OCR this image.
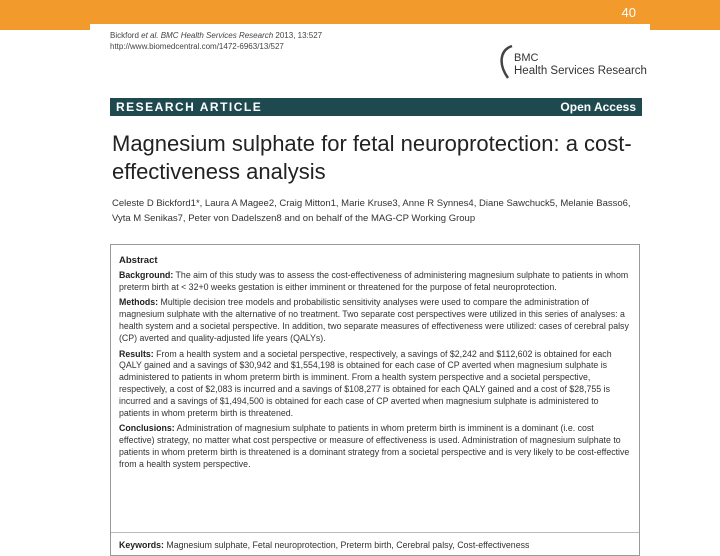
40
Bickford et al. BMC Health Services Research 2013, 13:527
http://www.biomedcentral.com/1472-6963/13/527
BMC
Health Services Research
RESEARCH ARTICLE	Open Access
Magnesium sulphate for fetal neuroprotection: a cost-effectiveness analysis
Celeste D Bickford1*, Laura A Magee2, Craig Mitton1, Marie Kruse3, Anne R Synnes4, Diane Sawchuck5, Melanie Basso6, Vyta M Senikas7, Peter von Dadelszen8 and on behalf of the MAG-CP Working Group
Abstract

Background: The aim of this study was to assess the cost-effectiveness of administering magnesium sulphate to patients in whom preterm birth at < 32+0 weeks gestation is either imminent or threatened for the purpose of fetal neuroprotection.

Methods: Multiple decision tree models and probabilistic sensitivity analyses were used to compare the administration of magnesium sulphate with the alternative of no treatment. Two separate cost perspectives were utilized in this series of analyses: a health system and a societal perspective. In addition, two separate measures of effectiveness were utilized: cases of cerebral palsy (CP) averted and quality-adjusted life years (QALYs).

Results: From a health system and a societal perspective, respectively, a savings of $2,242 and $112,602 is obtained for each QALY gained and a savings of $30,942 and $1,554,198 is obtained for each case of CP averted when magnesium sulphate is administered to patients in whom preterm birth is imminent. From a health system perspective and a societal perspective, respectively, a cost of $2,083 is incurred and a savings of $108,277 is obtained for each QALY gained and a cost of $28,755 is incurred and a savings of $1,494,500 is obtained for each case of CP averted when magnesium sulphate is administered to patients in whom preterm birth is threatened.

Conclusions: Administration of magnesium sulphate to patients in whom preterm birth is imminent is a dominant (i.e. cost effective) strategy, no matter what cost perspective or measure of effectiveness is used. Administration of magnesium sulphate to patients in whom preterm birth is threatened is a dominant strategy from a societal perspective and is very likely to be cost-effective from a health system perspective.

Keywords: Magnesium sulphate, Fetal neuroprotection, Preterm birth, Cerebral palsy, Cost-effectiveness
